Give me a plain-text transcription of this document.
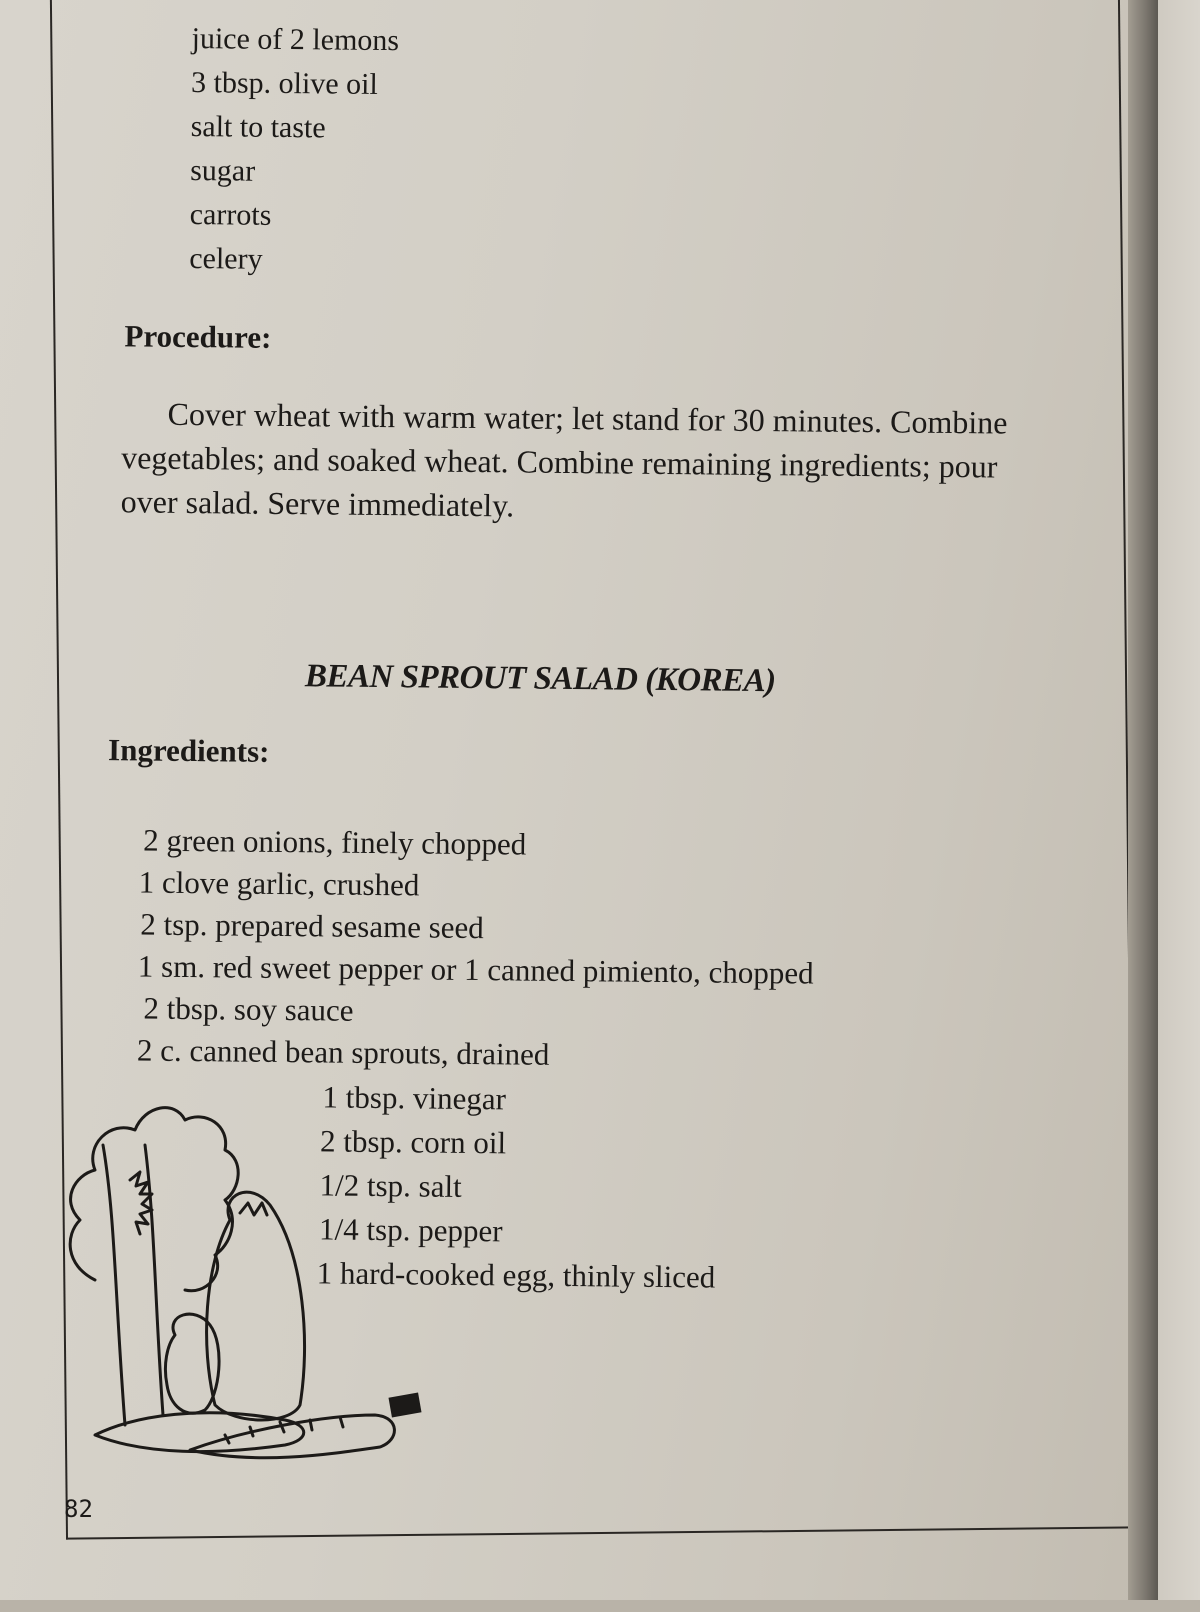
juice of 2 lemons
3 tbsp. olive oil
salt to taste
sugar
carrots
celery
Procedure:
Cover wheat with warm water; let stand for 30 minutes. Combine vegetables; and soaked wheat. Combine remaining ingredients; pour over salad. Serve immediately.
BEAN SPROUT SALAD (KOREA)
Ingredients:
2 green onions, finely chopped
1 clove garlic, crushed
2 tsp. prepared sesame seed
1 sm. red sweet pepper or 1 canned pimiento, chopped
2 tbsp. soy sauce
2 c. canned bean sprouts, drained
1 tbsp. vinegar
2 tbsp. corn oil
1/2 tsp. salt
1/4 tsp. pepper
1 hard-cooked egg, thinly sliced
82
